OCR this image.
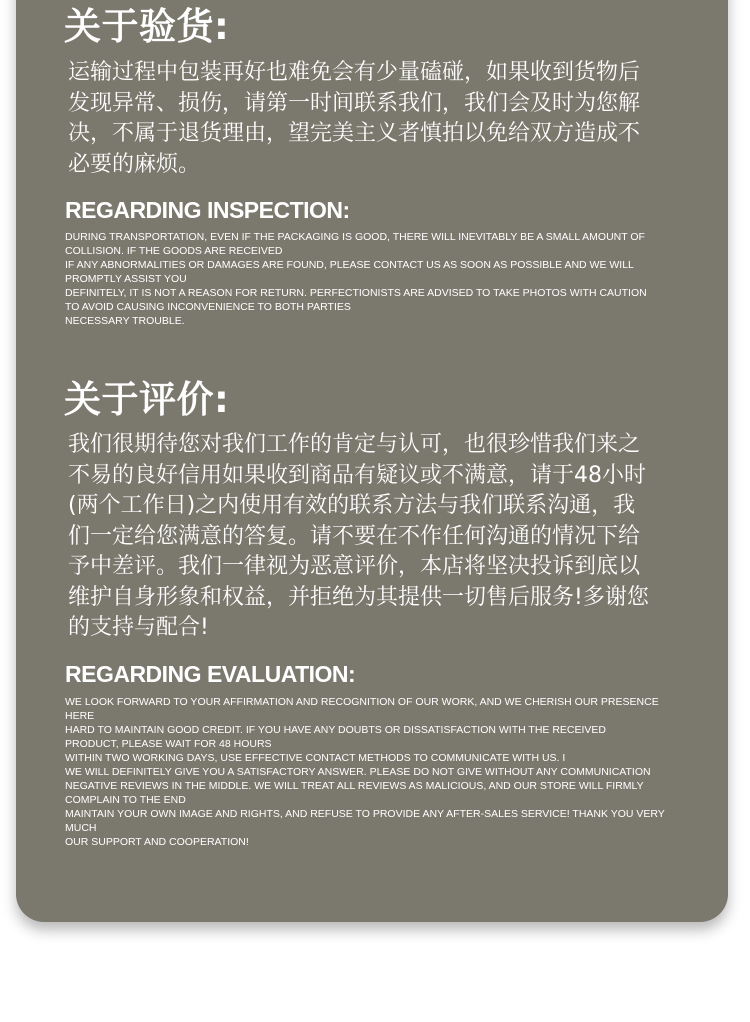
关于验货:

运输过程中包装再好也难免会有少量磕碰，如果收到货物后
发现异常、损伤，请第一时间联系我们，我们会及时为您解
决，不属于退货理由，望完美主义者慎拍以免给双方造成不
必要的麻烦。

REGARDING INSPECTION:

DURING TRANSPORTATION, EVEN IF THE PACKAGING IS GOOD, THERE WILL INEVITABLY BE A SMALL AMOUNT OF
COLLISION. IF THE GOODS ARE RECEIVED
IF ANY ABNORMALITIES OR DAMAGES ARE FOUND, PLEASE CONTACT US AS SOON AS POSSIBLE AND WE WILL
PROMPTLY ASSIST YOU
DEFINITELY, IT IS NOT A REASON FOR RETURN. PERFECTIONISTS ARE ADVISED TO TAKE PHOTOS WITH CAUTION
TO AVOID CAUSING INCONVENIENCE TO BOTH PARTIES
NECESSARY TROUBLE.

关于评价:

我们很期待您对我们工作的肯定与认可，也很珍惜我们来之
不易的良好信用如果收到商品有疑议或不满意，请于48小时
(两个工作日)之内使用有效的联系方法与我们联系沟通，我
们一定给您满意的答复。请不要在不作任何沟通的情况下给
予中差评。我们一律视为恶意评价，本店将坚决投诉到底以
维护自身形象和权益，并拒绝为其提供一切售后服务!多谢您
的支持与配合!

REGARDING EVALUATION:

WE LOOK FORWARD TO YOUR AFFIRMATION AND RECOGNITION OF OUR WORK, AND WE CHERISH OUR PRESENCE
HERE
HARD TO MAINTAIN GOOD CREDIT. IF YOU HAVE ANY DOUBTS OR DISSATISFACTION WITH THE RECEIVED
PRODUCT, PLEASE WAIT FOR 48 HOURS
WITHIN TWO WORKING DAYS, USE EFFECTIVE CONTACT METHODS TO COMMUNICATE WITH US. I
WE WILL DEFINITELY GIVE YOU A SATISFACTORY ANSWER. PLEASE DO NOT GIVE WITHOUT ANY COMMUNICATION
NEGATIVE REVIEWS IN THE MIDDLE. WE WILL TREAT ALL REVIEWS AS MALICIOUS, AND OUR STORE WILL FIRMLY
COMPLAIN TO THE END
MAINTAIN YOUR OWN IMAGE AND RIGHTS, AND REFUSE TO PROVIDE ANY AFTER-SALES SERVICE! THANK YOU VERY
MUCH
OUR SUPPORT AND COOPERATION!
